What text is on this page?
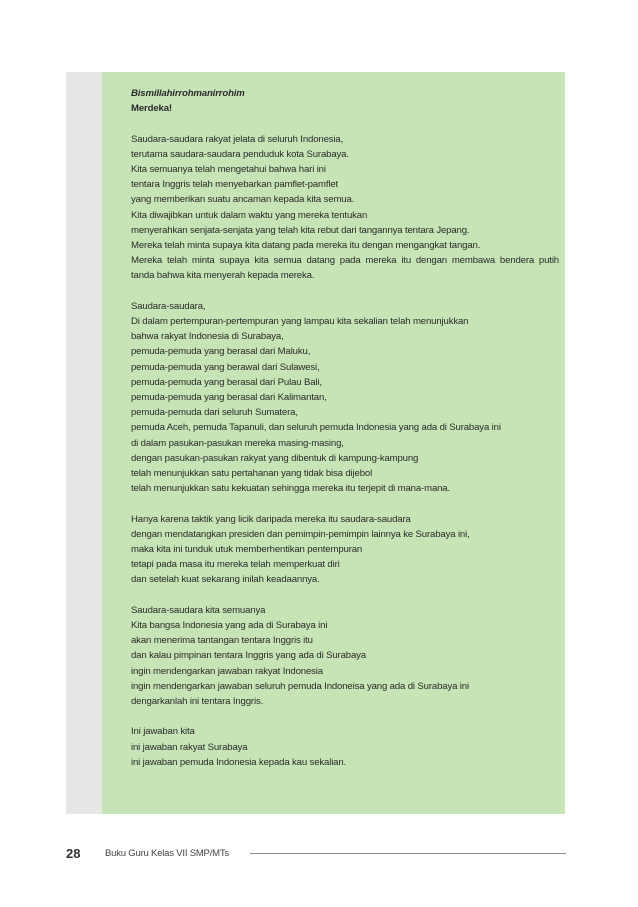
Bismillahirrohmanirrohim

Merdeka!

Saudara-saudara rakyat jelata di seluruh Indonesia,

terutama saudara-saudara penduduk kota Surabaya.

Kita semuanya telah mengetahui bahwa hari ini

tentara Inggris telah menyebarkan pamflet-pamflet

yang memberikan suatu ancaman kepada kita semua.

Kita diwajibkan untuk dalam waktu yang mereka tentukan

menyerahkan senjata-senjata yang telah kita rebut dari tangannya tentara Jepang.

Mereka telah minta supaya kita datang pada mereka itu dengan mengangkat tangan.

Mereka telah minta supaya kita semua datang pada mereka itu dengan membawa bendera putih

tanda bahwa kita menyerah kepada mereka.

Saudara-saudara,

Di dalam pertempuran-pertempuran yang lampau kita sekalian telah menunjukkan

bahwa rakyat Indonesia di Surabaya,

pemuda-pemuda yang berasal dari Maluku,

pemuda-pemuda yang berawal dari Sulawesi,

pemuda-pemuda yang berasal dari Pulau Bali,

pemuda-pemuda yang berasal dari Kalimantan,

pemuda-pemuda dari seluruh Sumatera,

pemuda Aceh, pemuda Tapanuli, dan seluruh pemuda Indonesia yang ada di Surabaya ini

di dalam pasukan-pasukan mereka masing-masing,

dengan pasukan-pasukan rakyat yang dibentuk di kampung-kampung

telah menunjukkan satu pertahanan yang tidak bisa dijebol

telah menunjukkan satu kekuatan sehingga mereka itu terjepit di mana-mana.

Hanya karena taktik yang licik daripada mereka itu saudara-saudara

dengan mendatangkan presiden dan pemimpin-pemimpin lainnya ke Surabaya ini,

maka kita ini tunduk utuk memberhentikan pentempuran

tetapi pada masa itu mereka telah memperkuat diri

dan setelah kuat sekarang inilah keadaannya.

Saudara-saudara kita semuanya

Kita bangsa Indonesia yang ada di Surabaya ini

akan menerima tantangan tentara Inggris itu

dan kalau pimpinan tentara Inggris yang ada di Surabaya

ingin mendengarkan jawaban rakyat Indonesia

ingin mendengarkan jawaban seluruh pemuda Indoneisa yang ada di Surabaya ini

dengarkanlah ini tentara Inggris.

Ini jawaban kita

ini jawaban rakyat Surabaya

ini jawaban pemuda Indonesia kepada kau sekalian.

28	Buku Guru Kelas VII SMP/MTs
